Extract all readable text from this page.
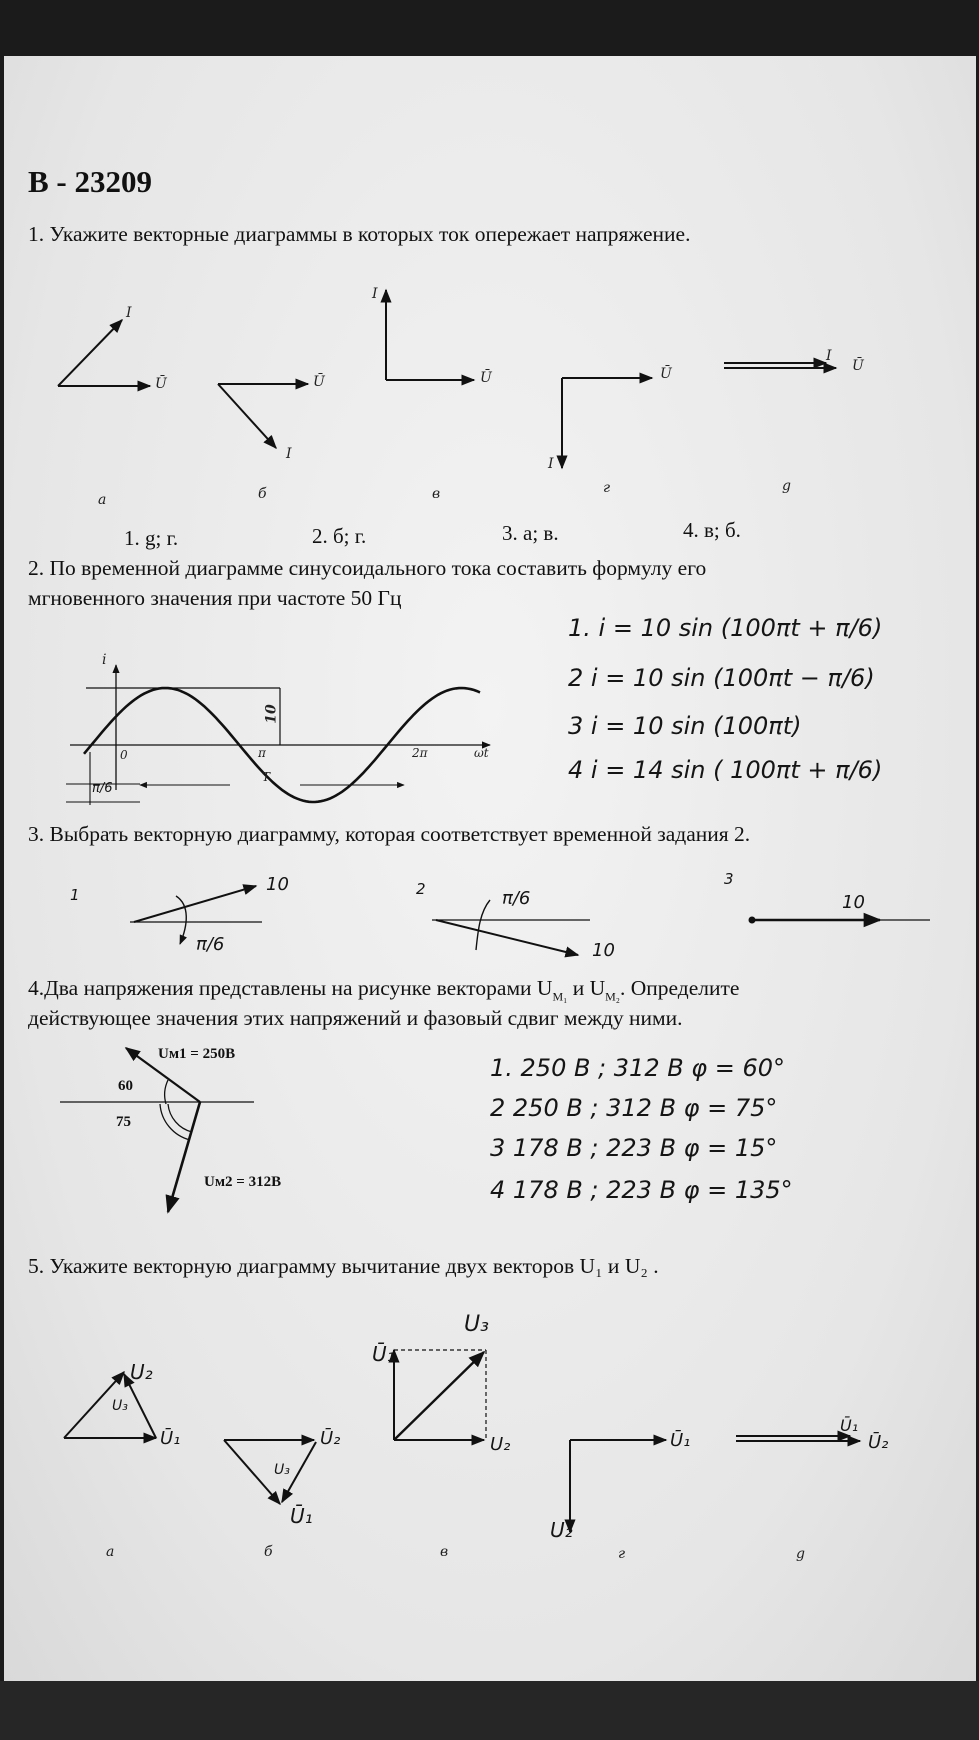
В - 23209
1. Укажите векторные диаграммы в которых ток опережает напряжение.
Ū
I
Ū
I
Ū
I
Ū
I
Ū
I
а	б	в	г	g
1. g; г.	2. б; г.	3. а; в.	4. в; б.
2. По временной диаграмме синусоидального тока составить формулу его
мгновенного значения при частоте 50 Гц
i
10
0	π	2π	ωt
T
π/6
1. i = 10 sin (100πt + π/6)
2 i = 10 sin (100πt − π/6)
3 i = 10 sin (100πt)
4 i = 14 sin ( 100πt + π/6)
3. Выбрать векторную диаграмму, которая соответствует временной задания 2.
1	10
π/6
2
10
π/6
3
10
4.Два напряжения представлены на рисунке векторами $U_{M_1}$ и $U_{M_2}$. Определите
действующее значения этих напряжений и фазовый сдвиг между ними.
Uм1 = 250В
Uм2 = 312В
60
75
1. 250 В ; 312 В φ = 60°
2 250 В ; 312 В φ = 75°
3 178 В ; 223 В φ = 15°
4 178 В ; 223 В φ = 135°
5. Укажите векторную диаграмму вычитание двух векторов U₁ и U₂ .
Ū₁
U₂
U₃
Ū₂
Ū₁
U₃
U₂
Ū₁
U₃
Ū₁
U₂
Ū₂
Ū₁
а	б	в	г	g
